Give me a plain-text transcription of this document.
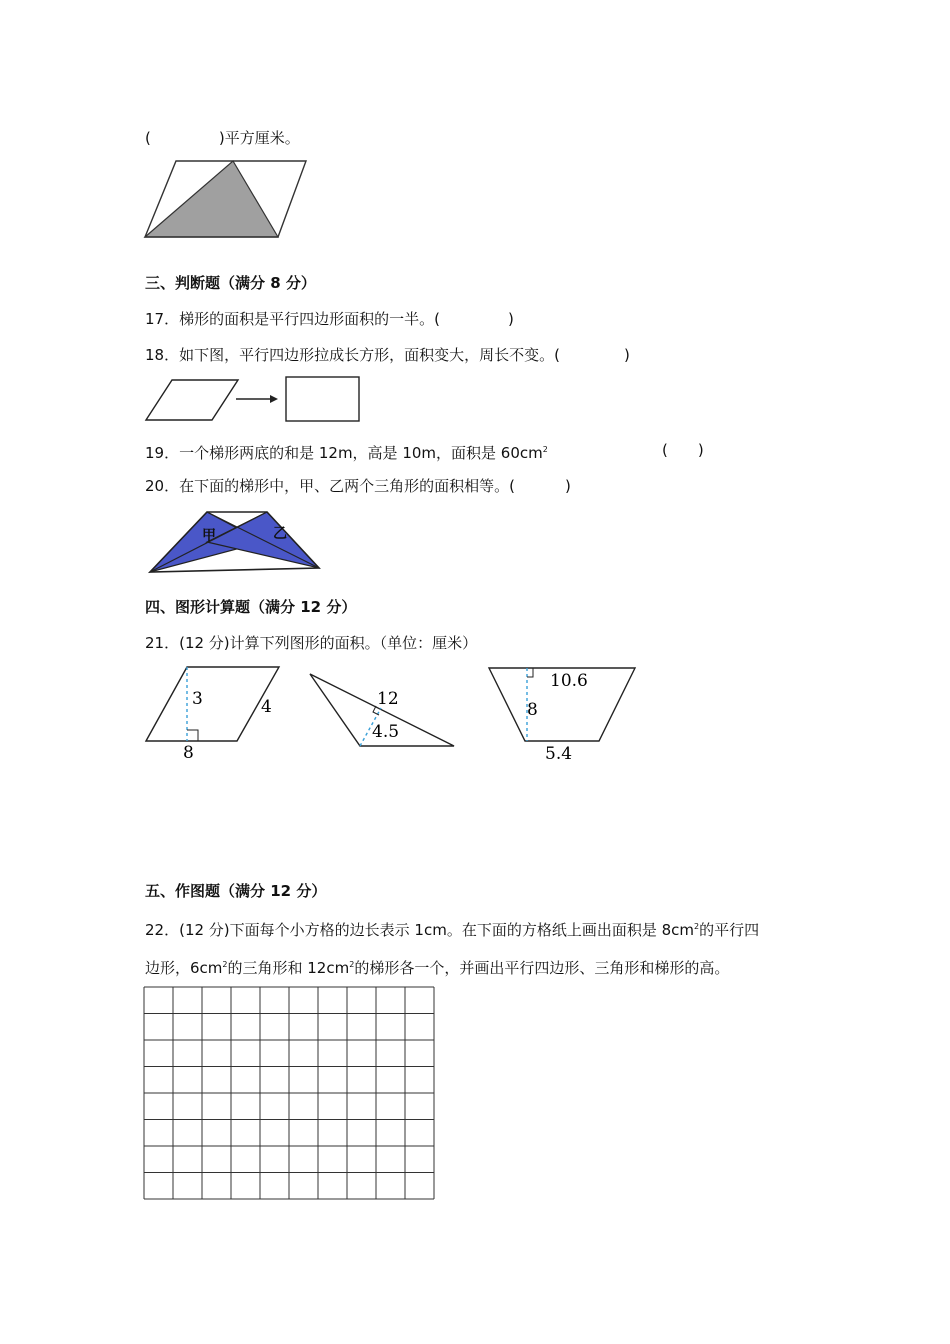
(	)平方厘米。
三、判断题（满分 8 分）
17．梯形的面积是平行四边形面积的一半。(	)
18．如下图，平行四边形拉成长方形，面积变大，周长不变。(	)
19．一个梯形两底的和是 12m，高是 10m，面积是 $60cm^2$	( )
20．在下面的梯形中，甲、乙两个三角形的面积相等。(	)
甲	乙
四、图形计算题（满分 12 分）
21．(12 分)计算下列图形的面积。（单位：厘米）
3	4
8
12
4.5
10.6
8
5.4
五、作图题（满分 12 分）
22．(12 分)下面每个小方格的边长表示 1cm。在下面的方格纸上画出面积是 $8cm^2$的平行四
边形，$6cm^2$的三角形和 $12cm^2$的梯形各一个，并画出平行四边形、三角形和梯形的高。
